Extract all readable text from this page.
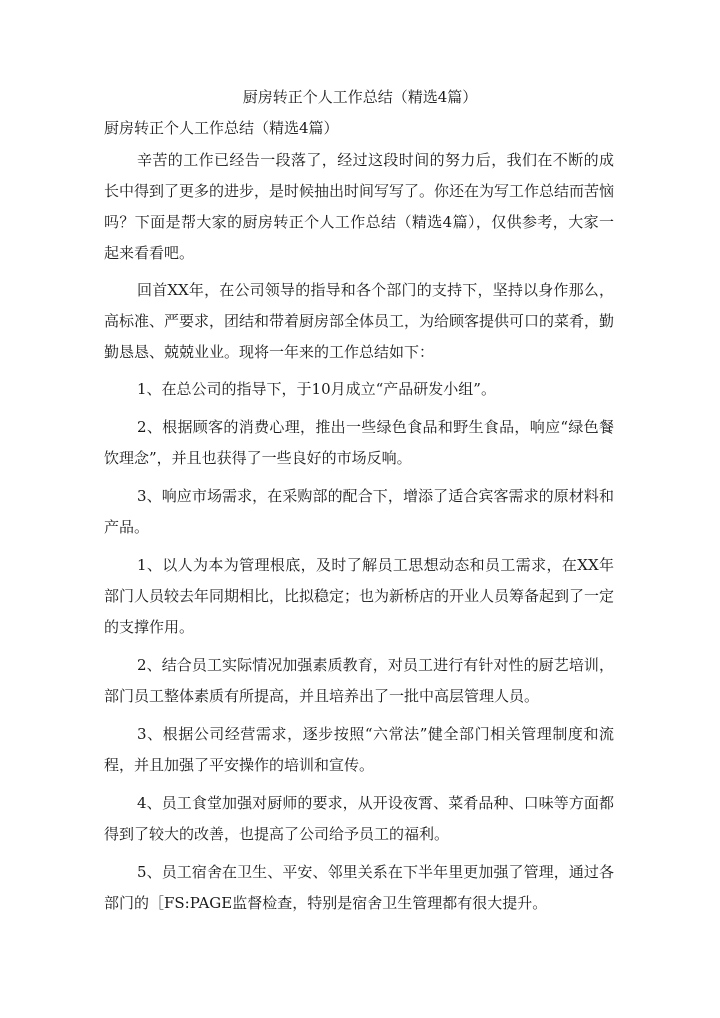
厨房转正个人工作总结（精选4篇）
厨房转正个人工作总结（精选4篇）

辛苦的工作已经告一段落了，经过这段时间的努力后，我们在不断的成长中得到了更多的进步，是时候抽出时间写写了。你还在为写工作总结而苦恼吗？下面是帮大家的厨房转正个人工作总结（精选4篇），仅供参考，大家一起来看看吧。

回首XX年，在公司领导的指导和各个部门的支持下，坚持以身作那么，高标准、严要求，团结和带着厨房部全体员工，为给顾客提供可口的菜肴，勤勤恳恳、兢兢业业。现将一年来的工作总结如下：

1、在总公司的指导下，于10月成立“产品研发小组”。

2、根据顾客的消费心理，推出一些绿色食品和野生食品，响应“绿色餐饮理念”，并且也获得了一些良好的市场反响。

3、响应市场需求，在采购部的配合下，增添了适合宾客需求的原材料和产品。

1、以人为本为管理根底，及时了解员工思想动态和员工需求，在XX年部门人员较去年同期相比，比拟稳定；也为新桥店的开业人员筹备起到了一定的支撑作用。

2、结合员工实际情况加强素质教育，对员工进行有针对性的厨艺培训，部门员工整体素质有所提高，并且培养出了一批中高层管理人员。

3、根据公司经营需求，逐步按照“六常法”健全部门相关管理制度和流程，并且加强了平安操作的培训和宣传。

4、员工食堂加强对厨师的要求，从开设夜霄、菜肴品种、口味等方面都得到了较大的改善，也提高了公司给予员工的福利。

5、员工宿舍在卫生、平安、邻里关系在下半年里更加强了管理，通过各部门的［FS:PAGE监督检查，特别是宿舍卫生管理都有很大提升。
